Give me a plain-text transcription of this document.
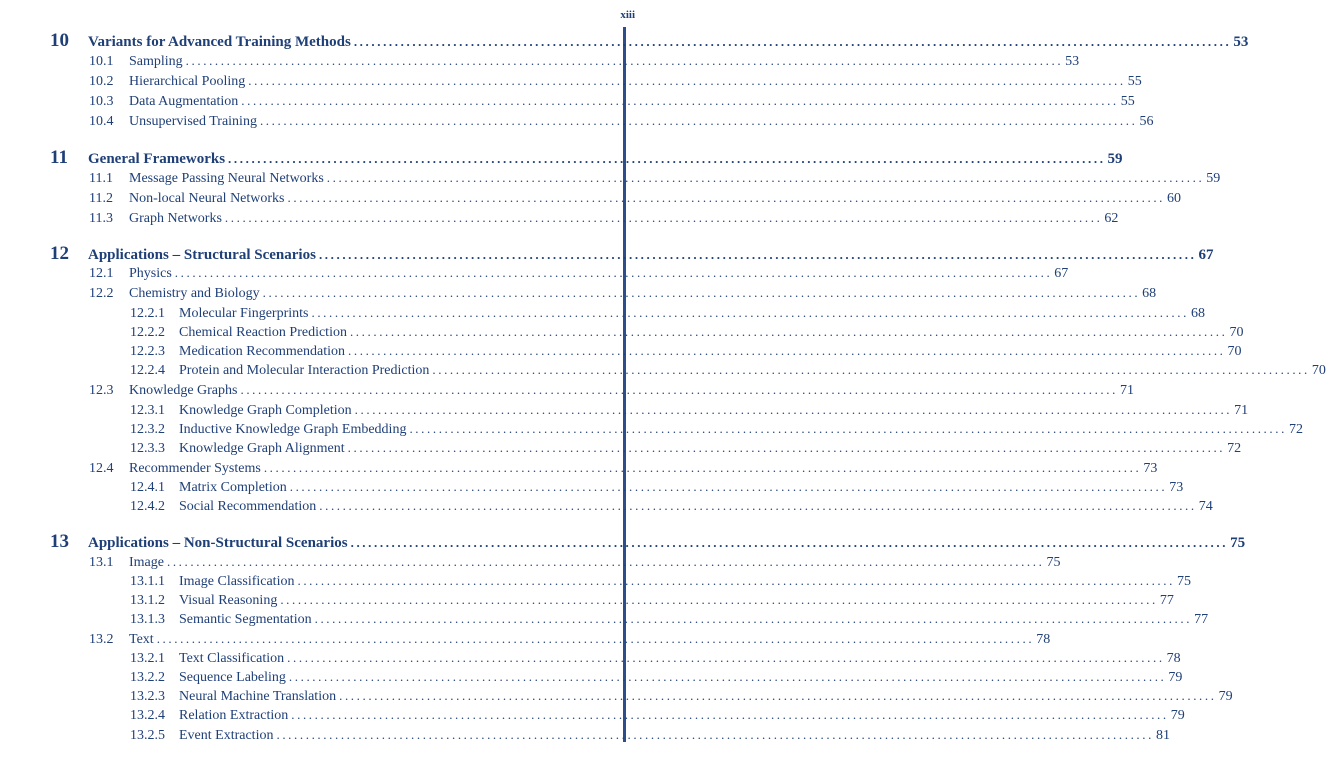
xiii
10	Variants for Advanced Training Methods ...................................................................................................................................................... 53
10.1	Sampling ...................................................................................................................................................... 53
10.2	Hierarchical Pooling ...................................................................................................................................................... 55
10.3	Data Augmentation ...................................................................................................................................................... 55
10.4	Unsupervised Training ...................................................................................................................................................... 56
11	General Frameworks ...................................................................................................................................................... 59
11.1	Message Passing Neural Networks ...................................................................................................................................................... 59
11.2	Non-local Neural Networks ...................................................................................................................................................... 60
11.3	Graph Networks ...................................................................................................................................................... 62
12	Applications – Structural Scenarios ...................................................................................................................................................... 67
12.1	Physics ...................................................................................................................................................... 67
12.2	Chemistry and Biology ...................................................................................................................................................... 68
12.2.1	Molecular Fingerprints ...................................................................................................................................................... 68
12.2.2	Chemical Reaction Prediction ...................................................................................................................................................... 70
12.2.3	Medication Recommendation ...................................................................................................................................................... 70
12.2.4	Protein and Molecular Interaction Prediction ...................................................................................................................................................... 70
12.3	Knowledge Graphs ...................................................................................................................................................... 71
12.3.1	Knowledge Graph Completion ...................................................................................................................................................... 71
12.3.2	Inductive Knowledge Graph Embedding ...................................................................................................................................................... 72
12.3.3	Knowledge Graph Alignment ...................................................................................................................................................... 72
12.4	Recommender Systems ...................................................................................................................................................... 73
12.4.1	Matrix Completion ...................................................................................................................................................... 73
12.4.2	Social Recommendation ...................................................................................................................................................... 74
13	Applications – Non-Structural Scenarios ...................................................................................................................................................... 75
13.1	Image ...................................................................................................................................................... 75
13.1.1	Image Classification ...................................................................................................................................................... 75
13.1.2	Visual Reasoning ...................................................................................................................................................... 77
13.1.3	Semantic Segmentation ...................................................................................................................................................... 77
13.2	Text ...................................................................................................................................................... 78
13.2.1	Text Classification ...................................................................................................................................................... 78
13.2.2	Sequence Labeling ...................................................................................................................................................... 79
13.2.3	Neural Machine Translation ...................................................................................................................................................... 79
13.2.4	Relation Extraction ...................................................................................................................................................... 79
13.2.5	Event Extraction ...................................................................................................................................................... 81
